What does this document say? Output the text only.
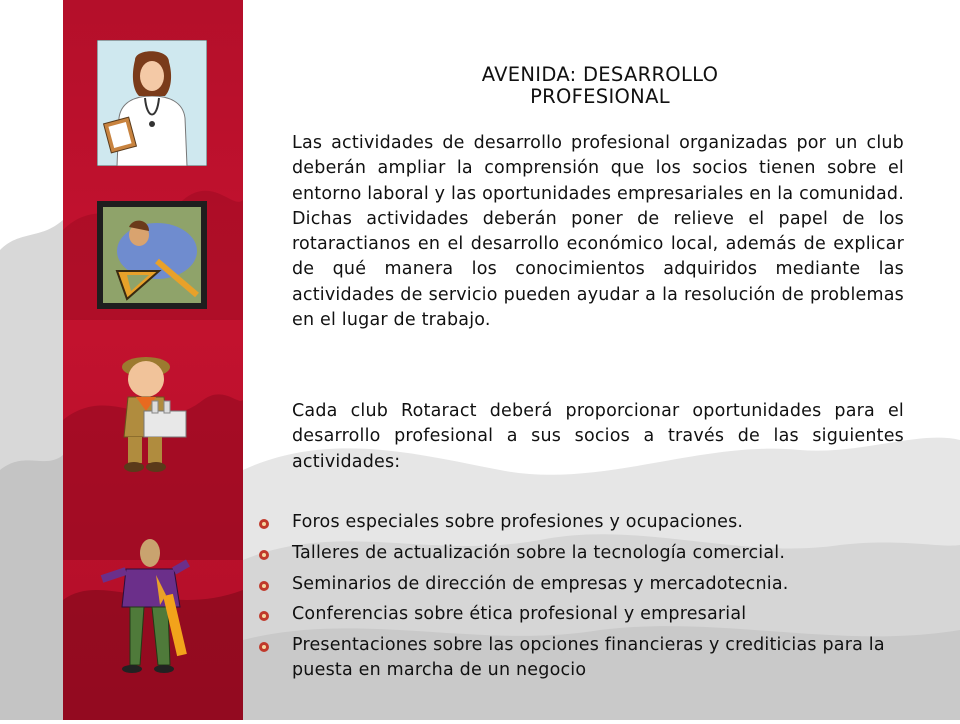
AVENIDA: DESARROLLO PROFESIONAL
Las actividades de desarrollo profesional organizadas por un club deberán ampliar la comprensión que los socios tienen sobre el entorno laboral y las oportunidades empresariales en la comunidad. Dichas actividades deberán poner de relieve el papel de los rotaractianos en el desarrollo económico local, además de explicar de qué manera los conocimientos adquiridos mediante las actividades de servicio pueden ayudar a la resolución de problemas en el lugar de trabajo.
Cada club Rotaract deberá proporcionar oportunidades para el desarrollo profesional a sus socios a través de las siguientes actividades:
Foros especiales sobre profesiones y ocupaciones.
Talleres de actualización sobre la tecnología comercial.
Seminarios de dirección de empresas y mercadotecnia.
Conferencias sobre ética profesional y empresarial
Presentaciones sobre las opciones financieras y crediticias para la puesta en marcha de un negocio
